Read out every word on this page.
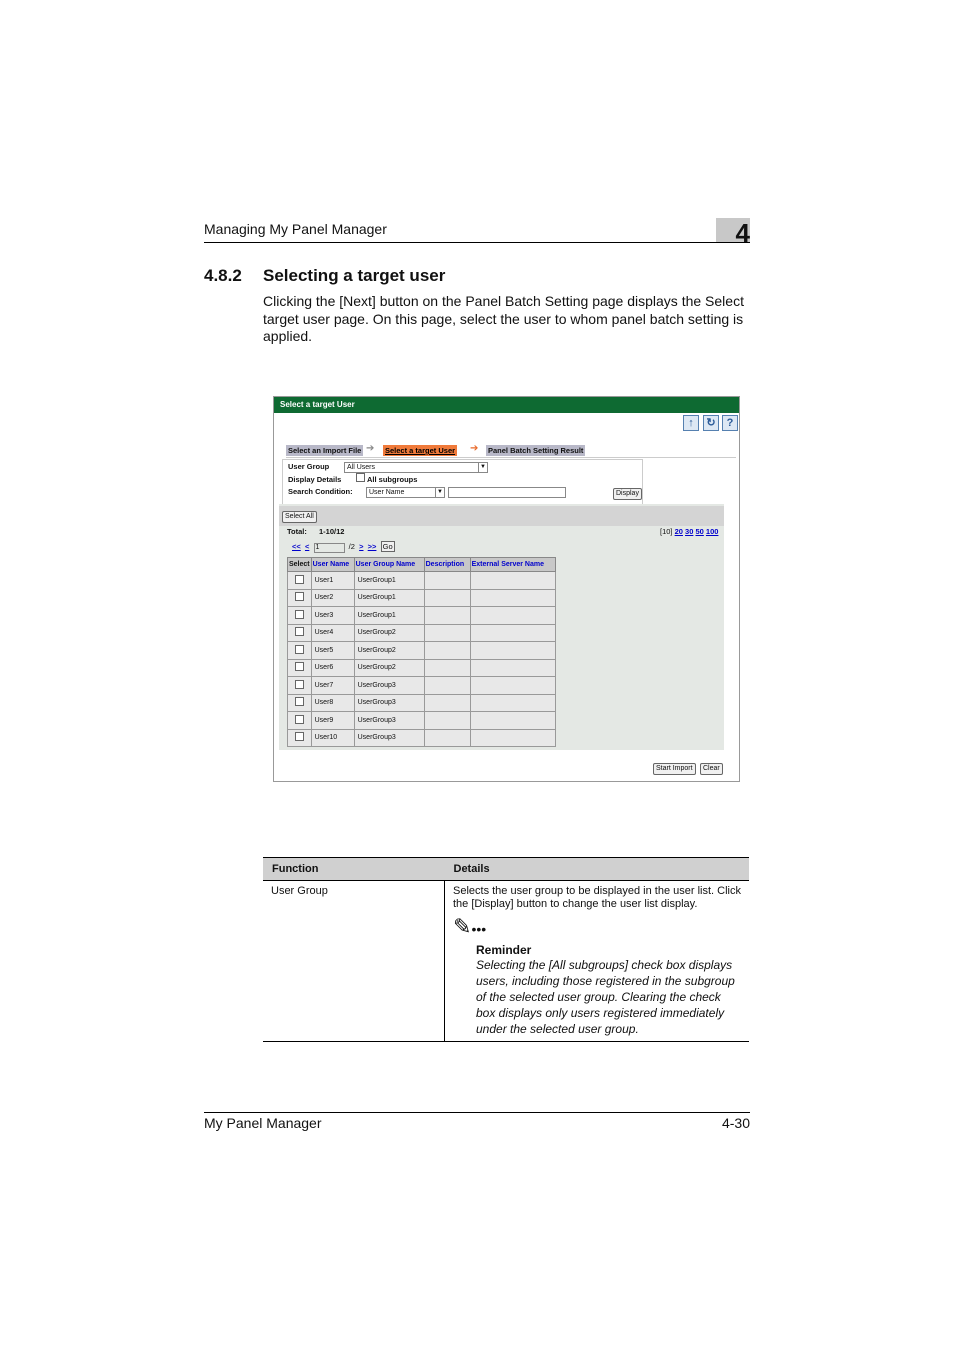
Managing My Panel Manager	4
4.8.2 Selecting a target user
Clicking the [Next] button on the Panel Batch Setting page displays the Select target user page. On this page, select the user to whom panel batch setting is applied.
Select a target User
↑	↻	?
Select an Import File ➔ Select a target User ➔ Panel Batch Setting Result
User Group	All Users	▼
Display Details	All subgroups
Search Condition:	User Name	▼	Display
Select All
Total: 1-10/12	[10] 20 30 50 100
<< < 1	/2 > >> Go
Select	User Name	User Group Name	Description	External Server Name
	User1	UserGroup1		
	User2	UserGroup1		
	User3	UserGroup1		
	User4	UserGroup2		
	User5	UserGroup2		
	User6	UserGroup2		
	User7	UserGroup3		
	User8	UserGroup3		
	User9	UserGroup3		
	User10	UserGroup3		
Start Import	Clear
Function	Details
User Group	Selects the user group to be displayed in the user list. Click the [Display] button to change the user list display.
✎•••
Reminder
Selecting the [All subgroups] check box displays users, including those registered in the subgroup of the selected user group. Clearing the check box displays only users registered immediately under the selected user group.
My Panel Manager	4-30
